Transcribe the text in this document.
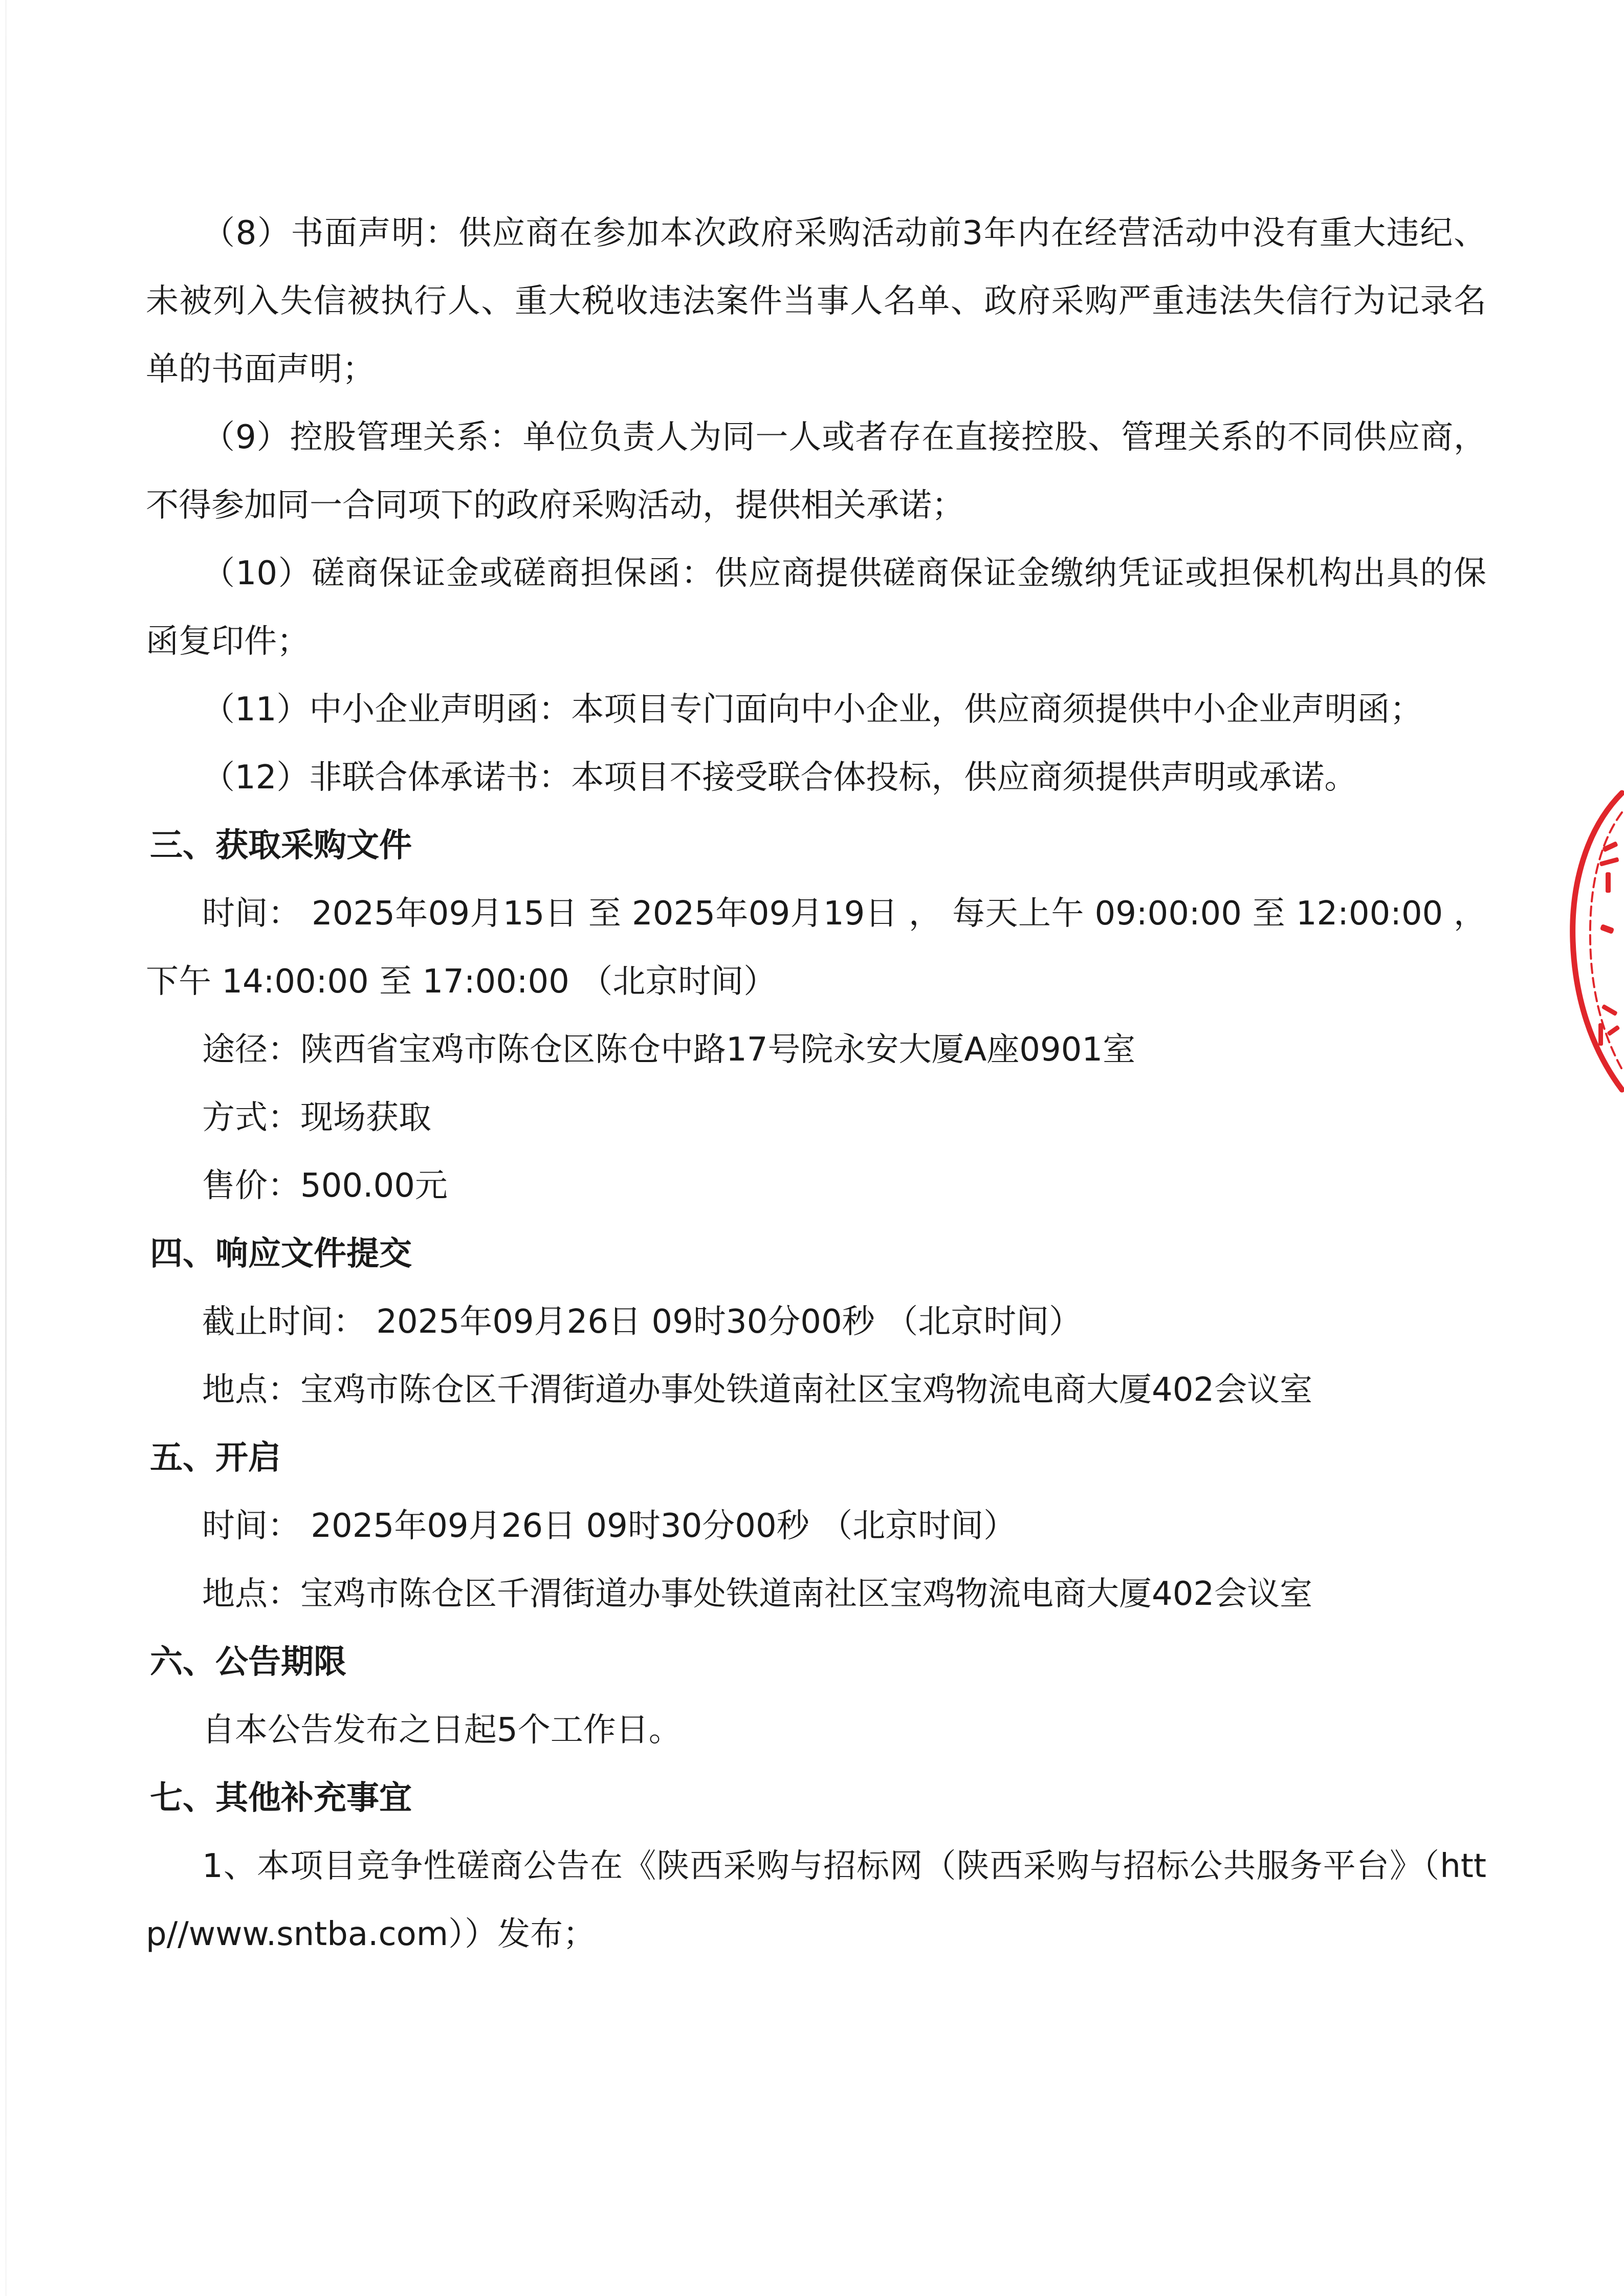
（8）书面声明：供应商在参加本次政府采购活动前3年内在经营活动中没有重大违纪、未被列入失信被执行人、重大税收违法案件当事人名单、政府采购严重违法失信行为记录名单的书面声明；
（9）控股管理关系：单位负责人为同一人或者存在直接控股、管理关系的不同供应商，不得参加同一合同项下的政府采购活动，提供相关承诺；
（10）磋商保证金或磋商担保函：供应商提供磋商保证金缴纳凭证或担保机构出具的保函复印件；
（11）中小企业声明函：本项目专门面向中小企业，供应商须提供中小企业声明函；
（12）非联合体承诺书：本项目不接受联合体投标，供应商须提供声明或承诺。
三、获取采购文件
时间： 2025年09月15日 至 2025年09月19日 ， 每天上午 09:00:00 至 12:00:00 ， 下午 14:00:00 至 17:00:00 （北京时间）
途径：陕西省宝鸡市陈仓区陈仓中路17号院永安大厦A座0901室
方式：现场获取
售价：500.00元
四、响应文件提交
截止时间： 2025年09月26日 09时30分00秒 （北京时间）
地点：宝鸡市陈仓区千渭街道办事处铁道南社区宝鸡物流电商大厦402会议室
五、开启
时间： 2025年09月26日 09时30分00秒 （北京时间）
地点：宝鸡市陈仓区千渭街道办事处铁道南社区宝鸡物流电商大厦402会议室
六、公告期限
自本公告发布之日起5个工作日。
七、其他补充事宜
1、本项目竞争性磋商公告在《陕西采购与招标网（陕西采购与招标公共服务平台》（http//www.sntba.com））发布；
